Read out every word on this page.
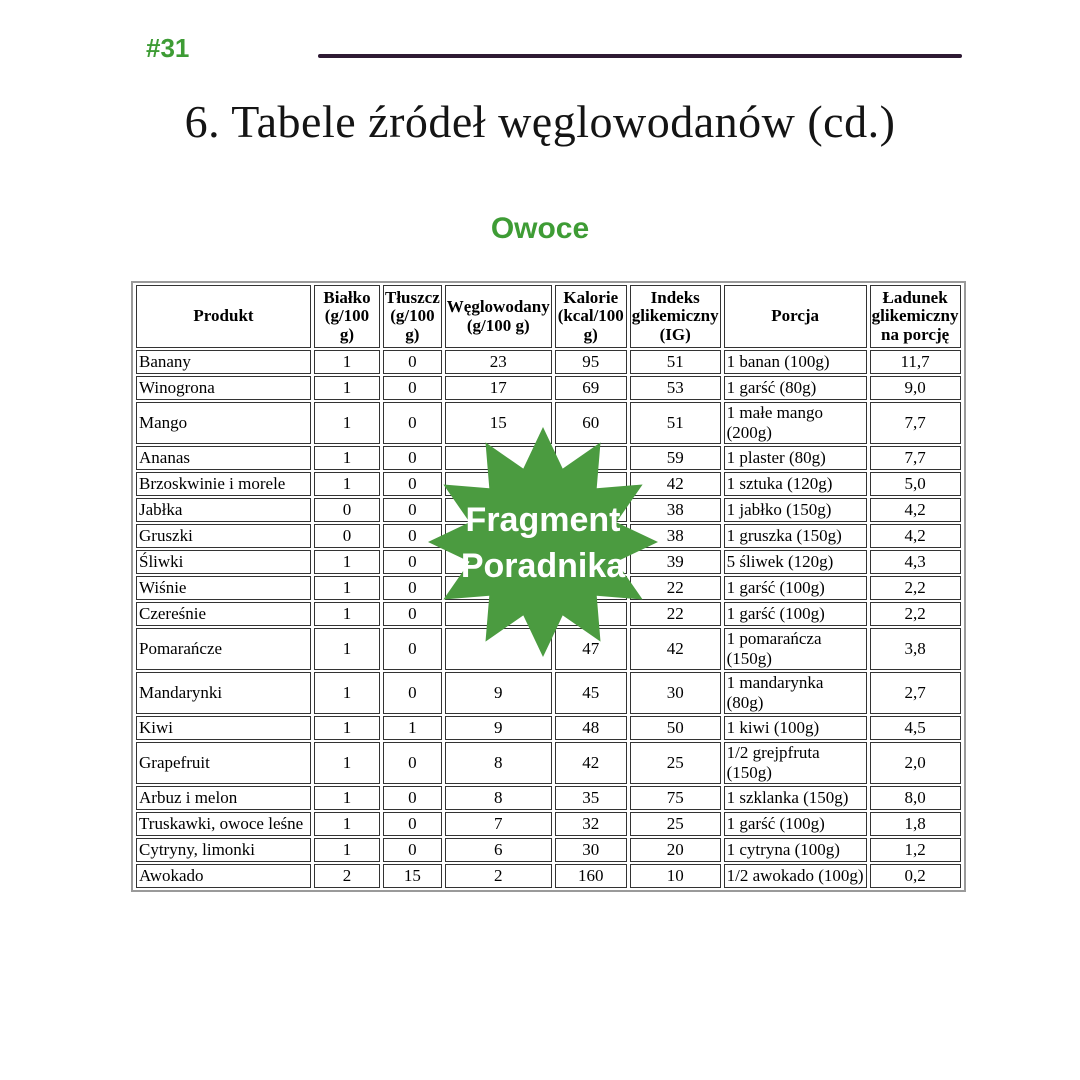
#31
6. Tabele źródeł węglowodanów (cd.)
Owoce
Produkt	Białko (g/100 g)	Tłuszcz (g/100 g)	Węglowodany (g/100 g)	Kalorie (kcal/100 g)	Indeks glikemiczny (IG)	Porcja	Ładunek glikemiczny na porcję
Banany	1	0	23	95	51	1 banan (100g)	11,7
Winogrona	1	0	17	69	53	1 garść (80g)	9,0
Mango	1	0	15	60	51	1 małe mango (200g)	7,7
Ananas	1	0			59	1 plaster (80g)	7,7
Brzoskwinie i morele	1	0			42	1 sztuka (120g)	5,0
Jabłka	0	0			38	1 jabłko (150g)	4,2
Gruszki	0	0			38	1 gruszka (150g)	4,2
Śliwki	1	0			39	5 śliwek (120g)	4,3
Wiśnie	1	0			22	1 garść (100g)	2,2
Czereśnie	1	0			22	1 garść (100g)	2,2
Pomarańcze	1	0		47	42	1 pomarańcza (150g)	3,8
Mandarynki	1	0	9	45	30	1 mandarynka (80g)	2,7
Kiwi	1	1	9	48	50	1 kiwi (100g)	4,5
Grapefruit	1	0	8	42	25	1/2 grejpfruta (150g)	2,0
Arbuz i melon	1	0	8	35	75	1 szklanka (150g)	8,0
Truskawki, owoce leśne	1	0	7	32	25	1 garść (100g)	1,8
Cytryny, limonki	1	0	6	30	20	1 cytryna (100g)	1,2
Awokado	2	15	2	160	10	1/2 awokado (100g)	0,2
Fragment
Poradnika
